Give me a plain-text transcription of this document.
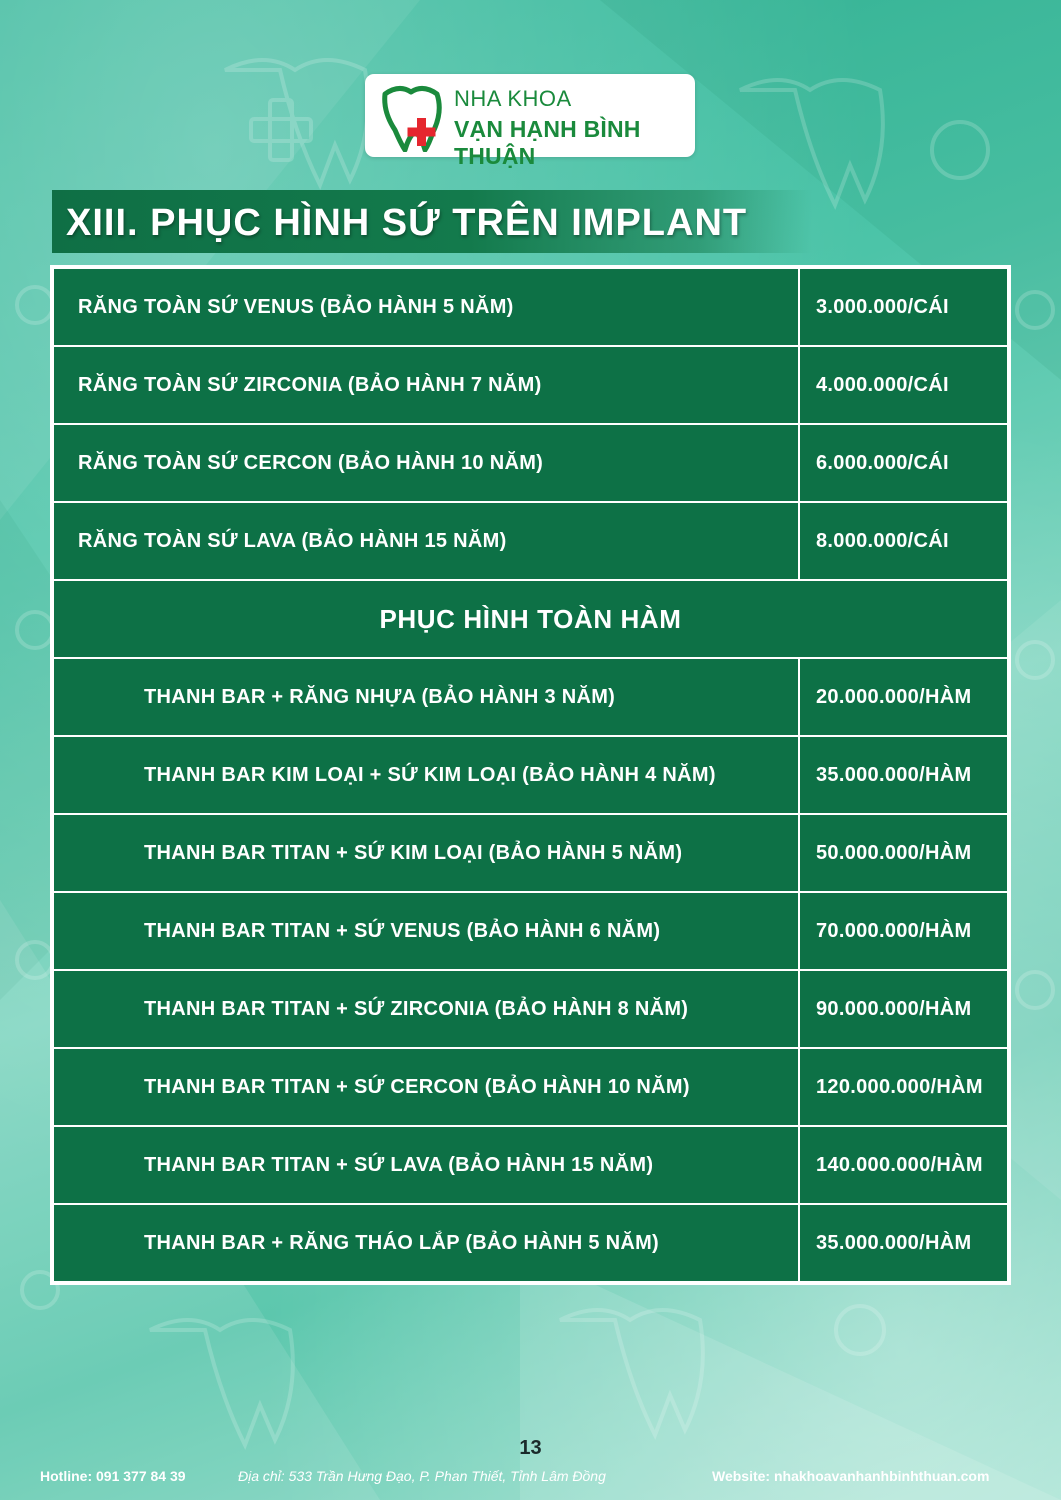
NHA KHOA
VẠN HẠNH BÌNH THUẬN
XIII. PHỤC HÌNH SỨ TRÊN IMPLANT
RĂNG TOÀN SỨ VENUS (BẢO HÀNH 5 NĂM)	3.000.000/CÁI
RĂNG TOÀN SỨ ZIRCONIA (BẢO HÀNH 7 NĂM)	4.000.000/CÁI
RĂNG TOÀN SỨ CERCON (BẢO HÀNH 10 NĂM)	6.000.000/CÁI
RĂNG TOÀN SỨ LAVA (BẢO HÀNH 15 NĂM)	8.000.000/CÁI
PHỤC HÌNH TOÀN HÀM	
THANH BAR + RĂNG NHỰA (BẢO HÀNH 3 NĂM)	20.000.000/HÀM
THANH BAR KIM LOẠI + SỨ KIM LOẠI (BẢO HÀNH 4 NĂM)	35.000.000/HÀM
THANH BAR TITAN + SỨ KIM LOẠI (BẢO HÀNH 5 NĂM)	50.000.000/HÀM
THANH BAR TITAN + SỨ VENUS (BẢO HÀNH 6 NĂM)	70.000.000/HÀM
THANH BAR TITAN + SỨ ZIRCONIA (BẢO HÀNH 8 NĂM)	90.000.000/HÀM
THANH BAR TITAN + SỨ CERCON (BẢO HÀNH 10 NĂM)	120.000.000/HÀM
THANH BAR TITAN + SỨ LAVA (BẢO HÀNH 15 NĂM)	140.000.000/HÀM
THANH BAR + RĂNG THÁO LẮP (BẢO HÀNH 5 NĂM)	35.000.000/HÀM
13
Hotline: 091 377 84 39	Địa chỉ: 533 Trần Hưng Đạo, P. Phan Thiết, Tỉnh Lâm Đồng	Website: nhakhoavanhanhbinhthuan.com
